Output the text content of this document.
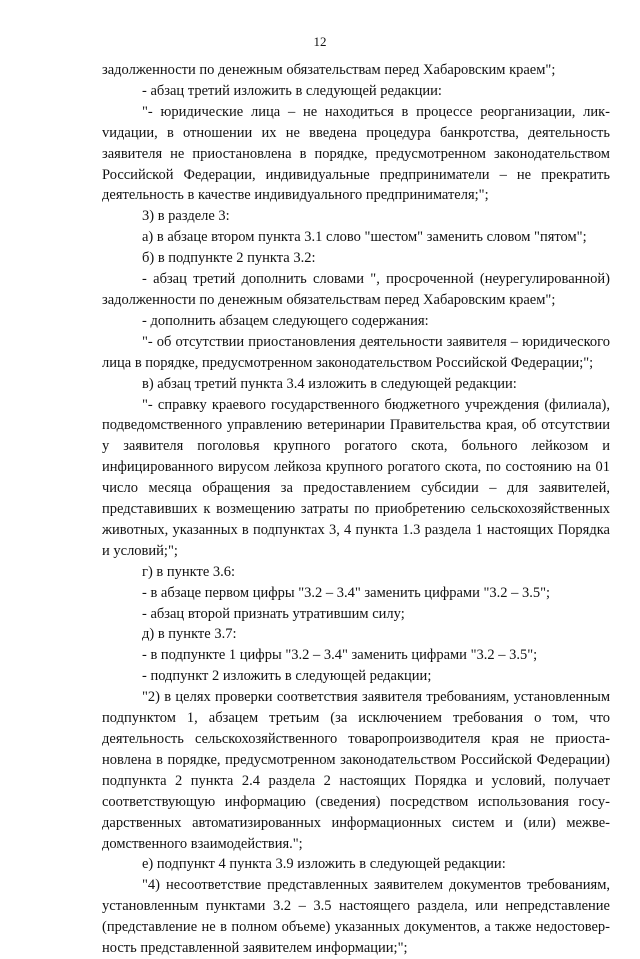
12

задолженности по денежным обязательствам перед Хабаровским краем";

- абзац третий изложить в следующей редакции:

"- юридические лица – не находиться в процессе реорганизации, ликvидации, в отношении их не введена процедура банкротства, деятельность заявителя не приостановлена в порядке, предусмотренном законодательством Российской Федерации, индивидуальные предприниматели – не прекратить деятельность в качестве индивидуального предпринимателя;";

3) в разделе 3:

а) в абзаце втором пункта 3.1 слово "шестом" заменить словом "пятом";

б) в подпункте 2 пункта 3.2:

- абзац третий дополнить словами ", просроченной (неурегулированной) задолженности по денежным обязательствам перед Хабаровским краем";

- дополнить абзацем следующего содержания:

"- об отсутствии приостановления деятельности заявителя – юридического лица в порядке, предусмотренном законодательством Российской Федерации;";

в) абзац третий пункта 3.4 изложить в следующей редакции:

"- справку краевого государственного бюджетного учреждения (филиала), подведомственного управлению ветеринарии Правительства края, об отсутствии у заявителя поголовья крупного рогатого скота, больного лейкозом и инфицированного вирусом лейкоза крупного рогатого скота, по состоянию на 01 число месяца обращения за предоставлением субсидии – для заявителей, представивших к возмещению затраты по приобретению сельскохозяйственных животных, указанных в подпунктах 3, 4 пункта 1.3 раздела 1 настоящих Порядка и условий;";

г) в пункте 3.6:

- в абзаце первом цифры "3.2 – 3.4" заменить цифрами "3.2 – 3.5";

- абзац второй признать утратившим силу;

д) в пункте 3.7:

- в подпункте 1 цифры "3.2 – 3.4" заменить цифрами "3.2 – 3.5";

- подпункт 2 изложить в следующей редакции;

"2) в целях проверки соответствия заявителя требованиям, установленным подпунктом 1, абзацем третьим (за исключением требования о том, что деятельность сельскохозяйственного товаропроизводителя края не приостановлена в порядке, предусмотренном законодательством Российской Федерации) подпункта 2 пункта 2.4 раздела 2 настоящих Порядка и условий, получает соответствующую информацию (сведения) посредством использования государственных автоматизированных информационных систем и (или) межведомственного взаимодействия.";

е) подпункт 4 пункта 3.9 изложить в следующей редакции:

"4) несоответствие представленных заявителем документов требованиям, установленным пунктами 3.2 – 3.5 настоящего раздела, или непредставление (представление не в полном объеме) указанных документов, а также недостоверность представленной заявителем информации;";
